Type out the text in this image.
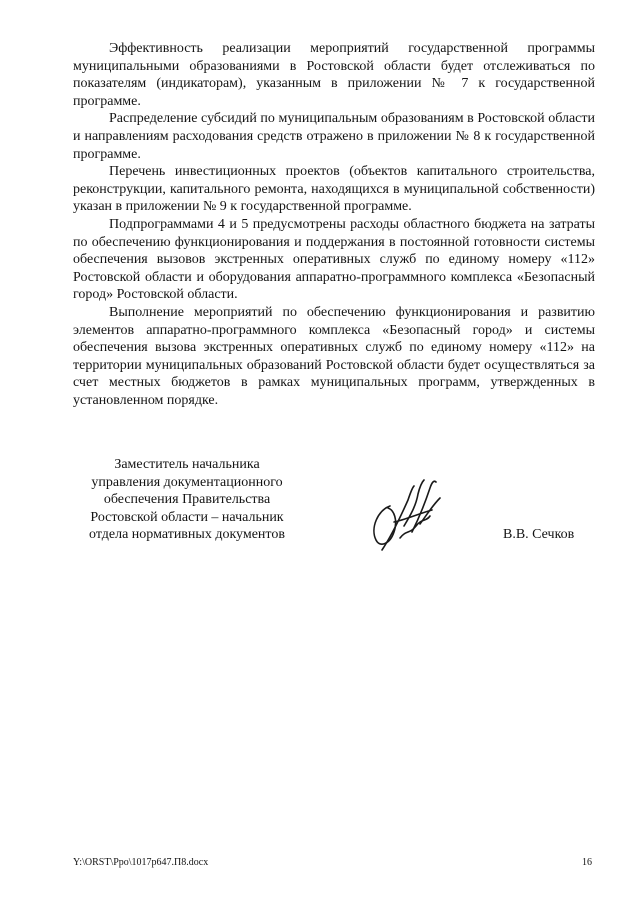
Эффективность реализации мероприятий государственной программы муниципальными образованиями в Ростовской области будет отслеживаться по показателям (индикаторам), указанным в приложении № 7 к государственной программе.

Распределение субсидий по муниципальным образованиям в Ростовской области и направлениям расходования средств отражено в приложении № 8 к государственной программе.

Перечень инвестиционных проектов (объектов капитального строительства, реконструкции, капитального ремонта, находящихся в муниципальной собственности) указан в приложении № 9 к государственной программе.

Подпрограммами 4 и 5 предусмотрены расходы областного бюджета на затраты по обеспечению функционирования и поддержания в постоянной готовности системы обеспечения вызовов экстренных оперативных служб по единому номеру «112» Ростовской области и оборудования аппаратно-программного комплекса «Безопасный город» Ростовской области.

Выполнение мероприятий по обеспечению функционирования и развитию элементов аппаратно-программного комплекса «Безопасный город» и системы обеспечения вызова экстренных оперативных служб по единому номеру «112» на территории муниципальных образований Ростовской области будет осуществляться за счет местных бюджетов в рамках муниципальных программ, утвержденных в установленном порядке.

Заместитель начальника
управления документационного
обеспечения Правительства
Ростовской области – начальник
отдела нормативных документов	В.В. Сечков
Y:\ORST\Ppo\1017p647.П8.docx	16
